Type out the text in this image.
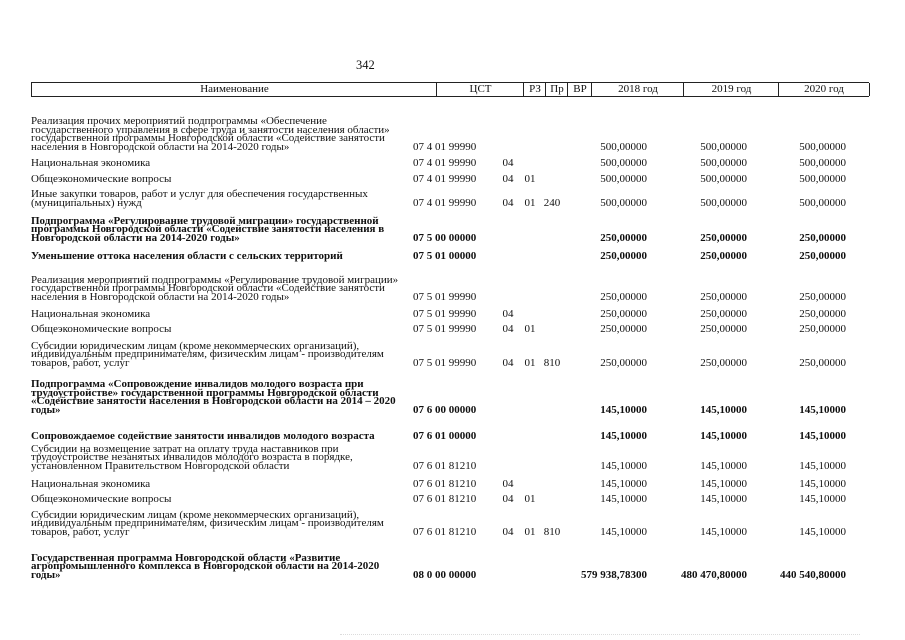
342
Наименование	ЦСТ	РЗ Пр ВР	2018 год	2019 год	2020 год
Реализация прочих мероприятий подпрограммы «Обеспечение государственного управления в сфере труда и занятости населения области» государственной программы Новгородской области «Содействие занятости населения в Новгородской области на 2014-2020 годы»	07 4 01 99990	500,00000	500,00000	500,00000
Национальная экономика	07 4 01 99990	04	500,00000	500,00000	500,00000
Общеэкономические вопросы	07 4 01 99990	04	01	500,00000	500,00000	500,00000
Иные закупки товаров, работ и услуг для обеспечения государственных (муниципальных) нужд	07 4 01 99990	04	01 240	500,00000	500,00000	500,00000
Подпрограмма «Регулирование трудовой миграции» государственной программы Новгородской области «Содействие занятости населения в Новгородской области на 2014-2020 годы»	07 5 00 00000	250,00000	250,00000	250,00000
Уменьшение оттока населения области с сельских территорий	07 5 01 00000	250,00000	250,00000	250,00000
Реализация мероприятий подпрограммы «Регулирование трудовой миграции» государственной программы Новгородской области «Содействие занятости населения в Новгородской области на 2014-2020 годы»	07 5 01 99990	250,00000	250,00000	250,00000
Национальная экономика	07 5 01 99990	04	250,00000	250,00000	250,00000
Общеэкономические вопросы	07 5 01 99990	04	01	250,00000	250,00000	250,00000
Субсидии юридическим лицам (кроме некоммерческих организаций), индивидуальным предпринимателям, физическим лицам - производителям товаров, работ, услуг	07 5 01 99990	04	01 810	250,00000	250,00000	250,00000
Подпрограмма «Сопровождение инвалидов молодого возраста при трудоустройстве» государственной программы Новгородской области «Содействие занятости населения в Новгородской области на 2014 – 2020 годы»	07 6 00 00000	145,10000	145,10000	145,10000
Сопровождаемое содействие занятости инвалидов молодого возраста	07 6 01 00000	145,10000	145,10000	145,10000
Субсидии на возмещение затрат на оплату труда наставников при трудоустройстве незанятых инвалидов молодого возраста в порядке, установленном Правительством Новгородской области	07 6 01 81210	145,10000	145,10000	145,10000
Национальная экономика	07 6 01 81210	04	145,10000	145,10000	145,10000
Общеэкономические вопросы	07 6 01 81210	04	01	145,10000	145,10000	145,10000
Субсидии юридическим лицам (кроме некоммерческих организаций), индивидуальным предпринимателям, физическим лицам - производителям товаров, работ, услуг	07 6 01 81210	04	01 810	145,10000	145,10000	145,10000
Государственная программа Новгородской области «Развитие агропромышленного комплекса в Новгородской области на 2014-2020 годы»	08 0 00 00000	579 938,78300	480 470,80000	440 540,80000
